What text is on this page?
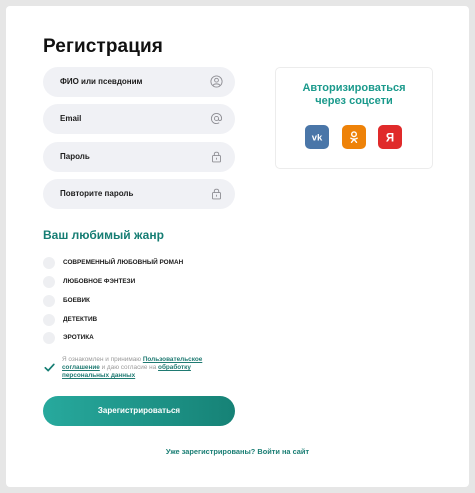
Регистрация
ФИО или псевдоним
Email
Пароль
Повторите пароль
Авторизироваться
через соцсети
vk	Я
Ваш любимый жанр
СОВРЕМЕННЫЙ ЛЮБОВНЫЙ РОМАН
ЛЮБОВНОЕ ФЭНТЕЗИ
БОЕВИК
ДЕТЕКТИВ
ЭРОТИКА
Я ознакомлен и принимаю Пользовательское соглашение и даю согласие на обработку персональных данных
Зарегистрироваться
Уже зарегистрированы? Войти на сайт
